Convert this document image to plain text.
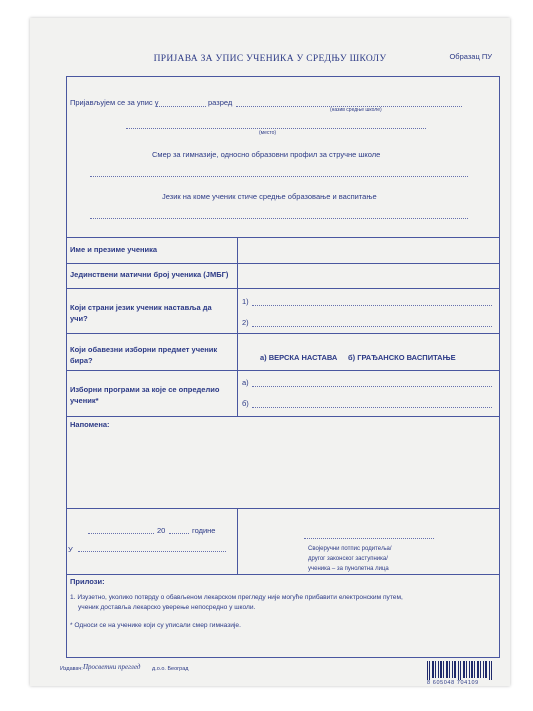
ПРИЈАВА ЗА УПИС УЧЕНИКА У СРЕДЊУ ШКОЛУ	Образац ПУ
Пријављујем се за упис у	разред
(назив средње школе)
(место)
Смер за гимназије, односно образовни профил за стручне школе
Језик на коме ученик стиче средње образовање и васпитање
Име и презиме ученика
Јединствени матични број ученика (ЈМБГ)
Који страни језик ученик наставља да учи?
1)
2)
Који обавезни изборни предмет ученик бира?	а) ВЕРСКА НАСТАВА б) ГРАЂАНСКО ВАСПИТАЊЕ
Изборни програми за које се определио ученик*
а)
б)
Напомена:
20	године
У	Својеручни потпис родитеља/
другог законског заступника/
ученика – за пунолетна лица
Прилози:
1. Изузетно, уколико потврду о обављеном лекарском прегледу није могуће прибавити електронским путем,
ученик доставља лекарско уверење непосредно у школи.
* Односи се на ученике који су уписали смер гимназије.
Издавач: Просветни преглед д.о.о. Београд
8 605048 704109
